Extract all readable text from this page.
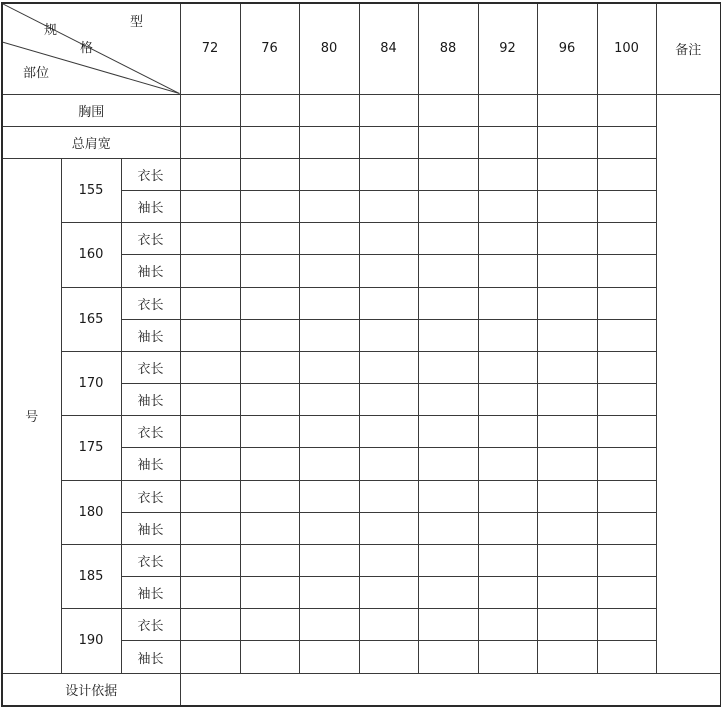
型
规
格
部位			72	76	80	84	88	92	96	100	备注
胸围											
总肩宽											
号	155	衣长									
		袖长									
	160	衣长									
		袖长									
	165	衣长									
		袖长									
	170	衣长									
		袖长									
	175	衣长									
		袖长									
	180	衣长									
		袖长									
	185	衣长									
		袖长									
	190	衣长									
		袖长									
设计依据											
